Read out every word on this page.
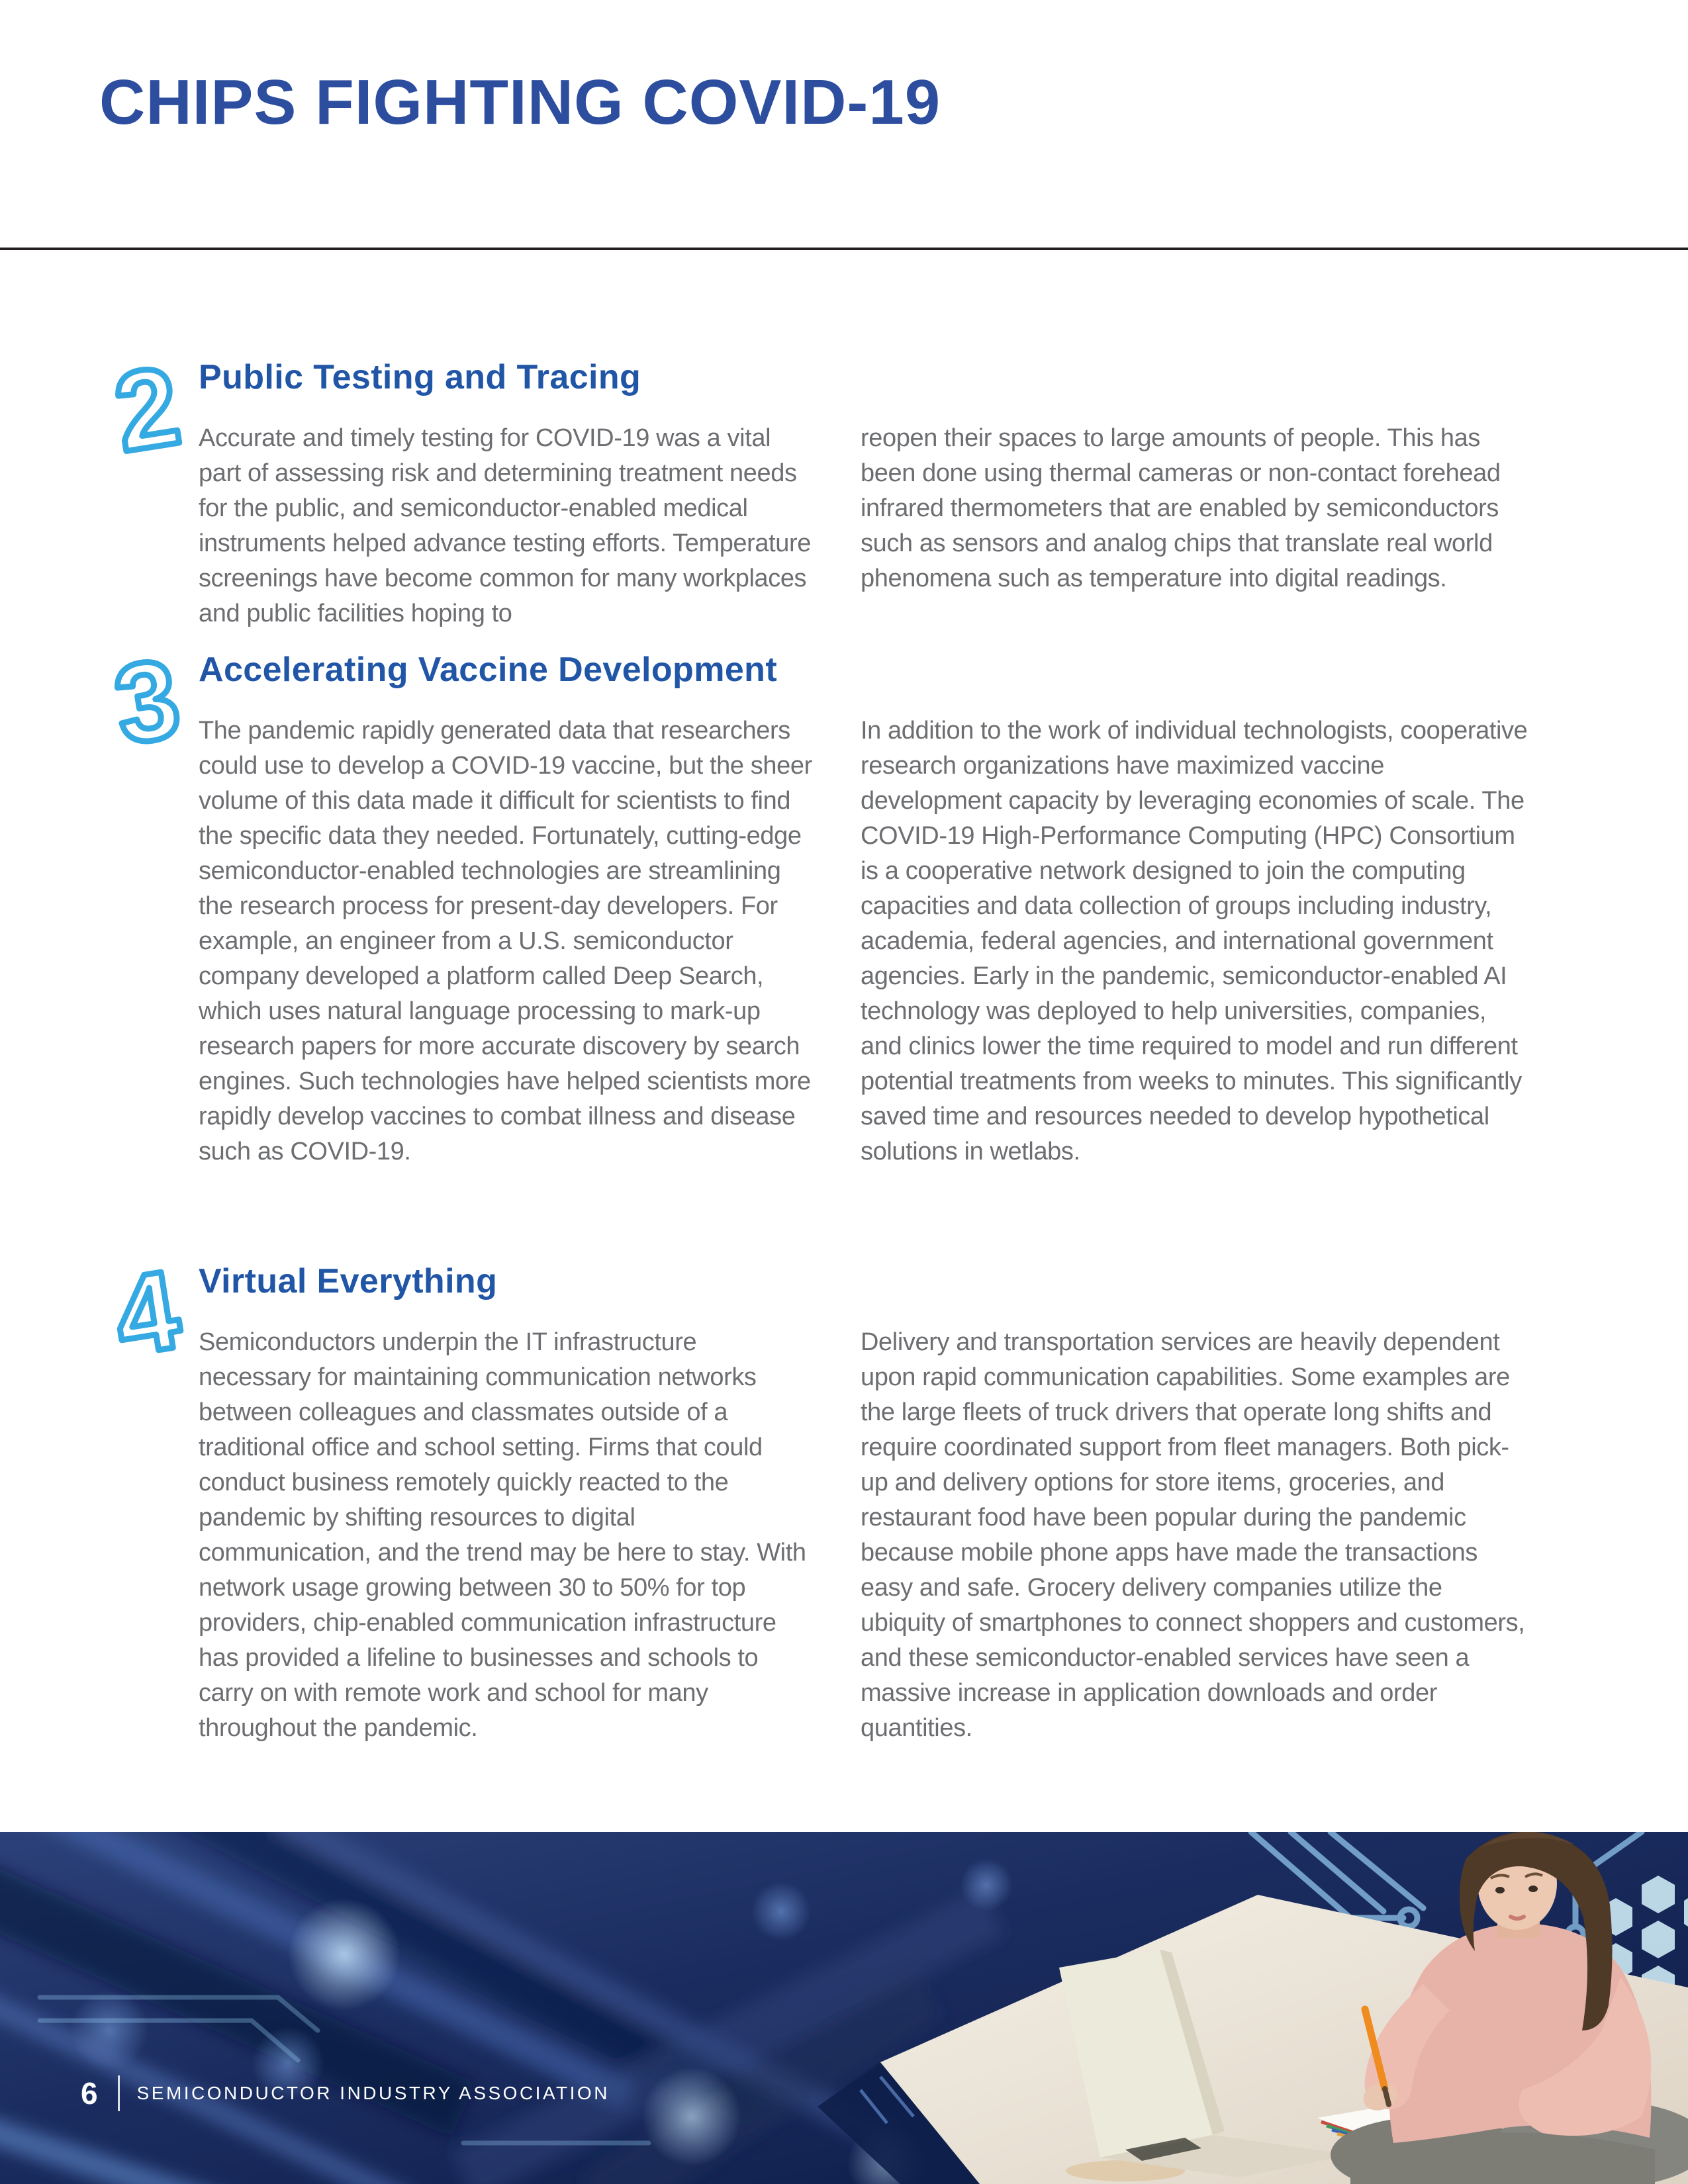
CHIPS FIGHTING COVID-19
2 Public Testing and Tracing
Accurate and timely testing for COVID-19 was a vital part of assessing risk and determining treatment needs for the public, and semiconductor-enabled medical instruments helped advance testing efforts. Temperature screenings have become common for many workplaces and public facilities hoping to
reopen their spaces to large amounts of people. This has been done using thermal cameras or non-contact forehead infrared thermometers that are enabled by semiconductors such as sensors and analog chips that translate real world phenomena such as temperature into digital readings.
3 Accelerating Vaccine Development
The pandemic rapidly generated data that researchers could use to develop a COVID-19 vaccine, but the sheer volume of this data made it difficult for scientists to find the specific data they needed. Fortunately, cutting-edge semiconductor-enabled technologies are streamlining the research process for present-day developers. For example, an engineer from a U.S. semiconductor company developed a platform called Deep Search, which uses natural language processing to mark-up research papers for more accurate discovery by search engines. Such technologies have helped scientists more rapidly develop vaccines to combat illness and disease such as COVID-19.
In addition to the work of individual technologists, cooperative research organizations have maximized vaccine development capacity by leveraging economies of scale. The COVID-19 High-Performance Computing (HPC) Consortium is a cooperative network designed to join the computing capacities and data collection of groups including industry, academia, federal agencies, and international government agencies. Early in the pandemic, semiconductor-enabled AI technology was deployed to help universities, companies, and clinics lower the time required to model and run different potential treatments from weeks to minutes. This significantly saved time and resources needed to develop hypothetical solutions in wetlabs.
4 Virtual Everything
Semiconductors underpin the IT infrastructure necessary for maintaining communication networks between colleagues and classmates outside of a traditional office and school setting. Firms that could conduct business remotely quickly reacted to the pandemic by shifting resources to digital communication, and the trend may be here to stay. With network usage growing between 30 to 50% for top providers, chip-enabled communication infrastructure has provided a lifeline to businesses and schools to carry on with remote work and school for many throughout the pandemic.
Delivery and transportation services are heavily dependent upon rapid communication capabilities. Some examples are the large fleets of truck drivers that operate long shifts and require coordinated support from fleet managers. Both pick-up and delivery options for store items, groceries, and restaurant food have been popular during the pandemic because mobile phone apps have made the transactions easy and safe. Grocery delivery companies utilize the ubiquity of smartphones to connect shoppers and customers, and these semiconductor-enabled services have seen a massive increase in application downloads and order quantities.
6 SEMICONDUCTOR INDUSTRY ASSOCIATION
